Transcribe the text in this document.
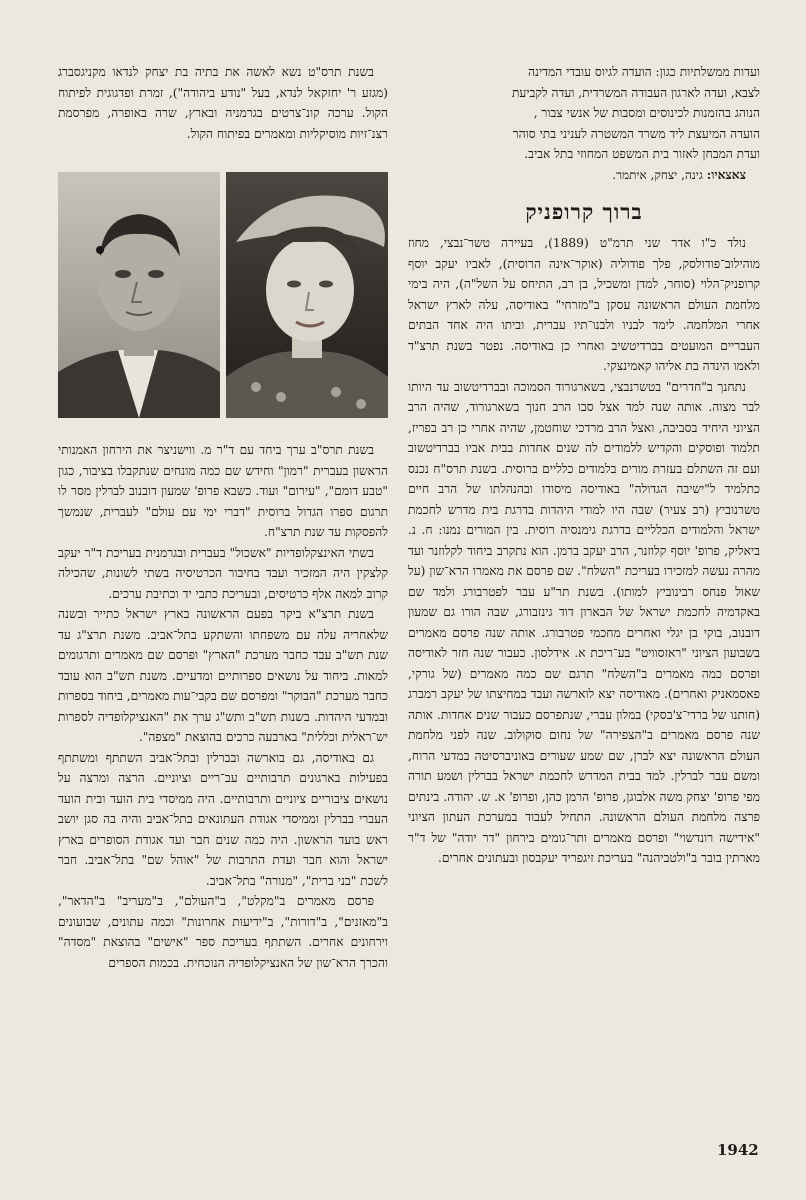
ועדות ממשלתיות כגון: הועדה לגיוס עובדי המדינה

לצבא, ועדה לארגון העבודה המשרדית, ועדה לקביעת

הנוהג בהזמנות לכינוסים ומסבות של אנשי צבור ,

הועדה המיעצת ליד משרד המשטרה לעניני בתי סוהר

ועדת המבחן לאזור בית המשפט המחוזי בתל אביב.

צאצאיו: גינה, יצחק, איתמר.

ברוך קרופניק

נולד כ"ו אדר שני תרמ"ט (1889), בעיירה טשר־נבצי, מחוז מוהילוב־פודולסק, פלך פודוליה (אוקר־אינה הרוסית), לאביו יעקב יוסף קרופניק־הלוי (סוחר, למדן ומשכיל, בן רב, התיחס על השל"ה), היה בימי מלחמת העולם הראשונה עסקן ב"מזרחי" באודיסה, עלה לארץ ישראל אחרי המלחמה. לימד לבניו ולבנו־תיו עברית, וביתו היה אחד הבתים העבריים המועטים בברדיטשיב ואחרי כן באודיסה. נפטר בשנת תרצ"ד ולאמו הינדה בת אליהו קאמינצקי.

נתחנך ב"חדרים" בטשרנבצי, בשארגורוד הסמוכה ובברדיטשוב עד היותו לבר מצוה. אותה שנה למד אצל סבו הרב חנוך בשארגורוד, שהיה הרב הציוני היחיד בסביבה, ואצל הרב מרדכי שוחטמן, שהיה אחרי כן רב בפריז, תלמוד ופוסקים והקדיש ללמודים לה שנים אחדות בבית אביו בברדיטשוב ועם זה השתלם בעזרת מורים בלמודים כלליים ברוסית. בשנת תרס"ח נכנס כתלמיד ל"ישיבה הגדולה" באודיסה מיסודו ובהנהלתו של הרב חיים טשרנוביץ (רב צעיר) שבה היו למודי היהדות בדרגת בית מדרש לחכמת ישראל והלמודים הכלליים בדרגת גימנסיה רוסית. בין המורים נמנו: ח. נ. ביאליק, פרופ' יוסף קלוזנר, הרב יעקב ברמן. הוא נתקרב ביחוד לקלוזנר ועד מהרה נעשה למזכירו בעריכת "השלח". שם פרסם את מאמרו הרא־שון (על שאול פנחס רבינוביץ למותו). בשנת תר"ע עבר לפטרבורג ולמד שם באקדמיה לחכמת ישראל של הבארון דוד גינזבורג, שבה הורו גם שמעון דובנוב, בוקי בן יגלי ואחרים מחכמי פטרבורג. אותה שנה פרסם מאמרים בשבועון הציוני "ראזסוויט" בע־ריכת א. אידלסון. כעבור שנה חזר לאודיסה ופרסם כמה מאמרים ב"השלח" תרגם שם כמה מאמרים (של גורקי, פאסמאניק ואחרים). מאודיסה יצא לוארשה ועבד במחיצתו של יעקב רמברג (חותנו של ברדי־צ'בסקי) במלון עברי, שנתפרסם כעבור שנים אחדות. אותה שנה פרסם מאמרים ב"הצפירה" של נחום סוקולוב. שנה לפני מלחמת העולם הראשונה יצא לברן, שם שמע שעורים באוניברסיטה במדעי הרוח, ומשם עבר לברלין. למד בבית המדרש לחכמת ישראל בברלין ושמע תורה מפי פרופ' יצחק משה אלבוגן, פרופ' הרמן כהן, ופרופ' א. ש. יהודה. בינתים פרצה מלחמת העולם הראשונה. התחיל לעבוד במערכת העתון הציוני "אידישה רונדשוי" ופרסם מאמרים ותר־גומים בירחון "דר יודה" של ד"ר מארתין בובר ב"ולטביהנה" בעריכת זיגפריד יעקבסון ובעתונים אחרים.

בשנת תרס"ט נשא לאשה את בתיה בת יצחק לנדאו מקניגסברג (מגזע ר' יחזקאל לנדא, בעל "נודע ביהודה"), זמרת ופדגוגית לפיתוח הקול. ערכה קונ־צרטים בגרמניה ובארץ, שרה באופרה, מפרסמת רצנ־זיות מוסיקליות ומאמרים בפיתוח הקול.

בשנת תרס"ב ערך ביחד עם ד"ר מ. ווישניצר את הירחון האמנותי הראשון בעברית "רמון" וחידש שם כמה מונחים שנתקבלו בציבור, כגון "טבע דומם", "עירום" ועוד. כשבא פרופ' שמעון דובנוב לברלין מסר לו תרגום ספרו הגדול ברוסית "דברי ימי עם עולם" לעברית, שנמשך להפסקות עד שנת תרצ"ח.

בשתי האינצקלופדיות "אשכול" בעברית ובגרמנית בעריכת ד"ר יעקב קלצקין היה המזכיר ועבד בחיבור הכרטיסיה בשתי לשונות, שהכילה קרוב למאה אלף כרטיסים, ובעריכת כתבי יד וכתיבת ערכים.

בשנת תרצ"א ביקר בפעם הראשונה בארץ ישראל כתייר ובשנה שלאחריה עלה עם משפחתו והשתקע בתל־אביב. משנת תרצ"ג עד שנת תש"ב עבד כחבר מערכת "הארץ" ופרסם שם מאמרים ותרגומים למאות. ביחוד על נושאים ספרותיים ומדעיים. משנת תש"ב הוא עובד כחבר מערכת "הבוקר" ומפרסם שם בקבי־עות מאמרים, ביחוד בספרות ובמדעי היהדות. בשנות תש"ב ותש"ג ערך את "האנציקלופדיה לספרות יש־ראלית וכללית" בארבעה כרכים בהוצאת "מצפה".

גם באודיסה, גם בוארשה ובברלין ובתל־אביב השתתף ומשתתף בפעילות בארגונים תרבותיים עב־ריים וציוניים. הרצה ומרצה על נושאים ציבוריים ציוניים ותרבותיים. היה ממיסדי בית הועד ובית הועד העברי בברלין וממיסדי אגודת העתונאים בתל־אביב והיה בה סגן יושב ראש בועד הראשון. היה כמה שנים חבר ועד אגודת הסופרים בארץ ישראל והוא חבר ועדת התרבות של "אוהל שם" בתל־אביב. חבר לשכת "בני ברית", "מנורה" בתל־אביב.

פרסם מאמרים ב"מקלט", ב"העולם", ב"מעריב" ב"הדאר", ב"מאזנים", ב"דורות", ב"ידיעות אחרונות" וכמה עתונים, שבועונים וירחונים אחרים. השתתף בעריכת ספר "אישים" בהוצאת "מסדה" והכרך הרא־שון של האנציקלופדיה הנוכחית. בכמות הספרים

1942
